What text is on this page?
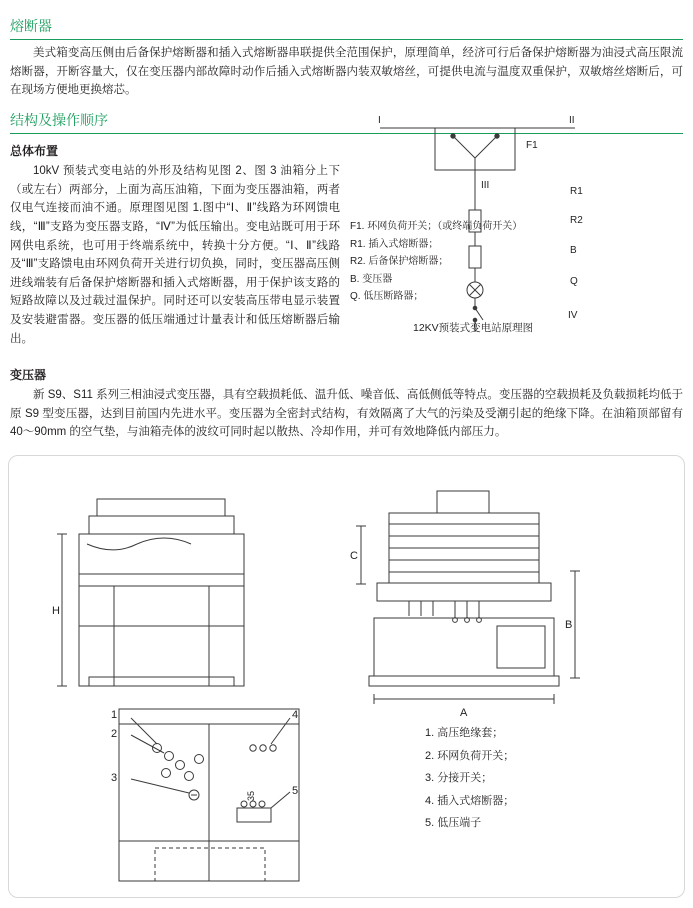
熔断器

美式箱变高压侧由后备保护熔断器和插入式熔断器串联提供全范围保护，原理简单，经济可行后备保护熔断器为油浸式高压限流熔断器，开断容量大，仅在变压器内部故障时动作后插入式熔断器内装双敏熔丝，可提供电流与温度双重保护，双敏熔丝熔断后，可在现场方便地更换熔芯。

结构及操作顺序
总体布置

10kV 预装式变电站的外形及结构见图 2、图 3 油箱分上下（或左右）两部分，上面为高压油箱，下面为变压器油箱，两者仅电气连接而油不通。原理图见图 1.图中“Ⅰ、Ⅱ”线路为环网馈电线，“Ⅲ”支路为变压器支路，“Ⅳ”为低压输出。变电站既可用于环网供电系统，也可用于终端系统中，转换十分方便。“Ⅰ、Ⅱ”线路及“Ⅲ”支路馈电由环网负荷开关进行切负换，同时，变压器高压侧进线端装有后备保护熔断器和插入式熔断器，用于保护该支路的短路故障以及过载过温保护。同时还可以安装高压带电显示装置及安装避雷器。变压器的低压端通过计量表计和低压熔断器后输出。

I	II
III
F1
R1
R2
B
Q
IV
F1. 环网负荷开关；（或终端负荷开关）
R1. 插入式熔断器；
R2. 后备保护熔断器；
B. 变压器
Q. 低压断路器；
12KV预装式变电站原理图
变压器

新 S9、S11 系列三相油浸式变压器，具有空载损耗低、温升低、噪音低、高低侧低等特点。变压器的空载损耗及负载损耗均低于原 S9 型变压器，达到目前国内先进水平。变压器为全密封式结构，有效隔离了大气的污染及受潮引起的绝缘下降。在油箱顶部留有 40～90mm 的空气垫，与油箱壳体的波纹可同时起以散热、冷却作用，并可有效地降低内部压力。

H
A
B
C
35
1
2
3
4
5
1. 高压绝缘套；
2. 环网负荷开关；
3. 分接开关；
4. 插入式熔断器；
5. 低压端子
